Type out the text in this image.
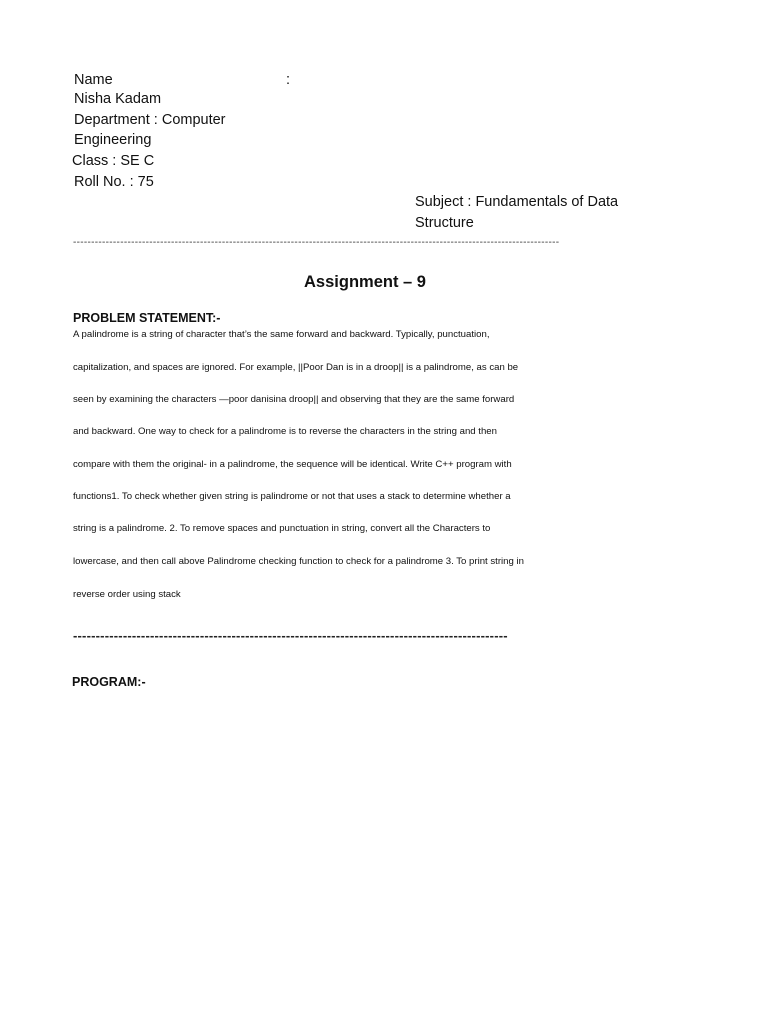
Name	:
Nisha Kadam
Department : Computer
Engineering
Class : SE C
Roll No. : 75
Subject : Fundamentals of Data Structure
--------------------------------------------------------------------------------------------------------------------------------------
Assignment – 9
PROBLEM STATEMENT:-
A palindrome is a string of character that’s the same forward and backward. Typically, punctuation,
capitalization, and spaces are ignored. For example, ||Poor Dan is in a droop|| is a palindrome, as can be
seen by examining the characters —poor danisina droop|| and observing that they are the same forward
and backward. One way to check for a palindrome is to reverse the characters in the string and then
compare with them the original- in a palindrome, the sequence will be identical. Write C++ program with
functions1. To check whether given string is palindrome or not that uses a stack to determine whether a
string is a palindrome. 2. To remove spaces and punctuation in string, convert all the Characters to
lowercase, and then call above Palindrome checking function to check for a palindrome 3. To print string in
reverse order using stack
------------------------------------------------------------------------------------------------
PROGRAM:-
